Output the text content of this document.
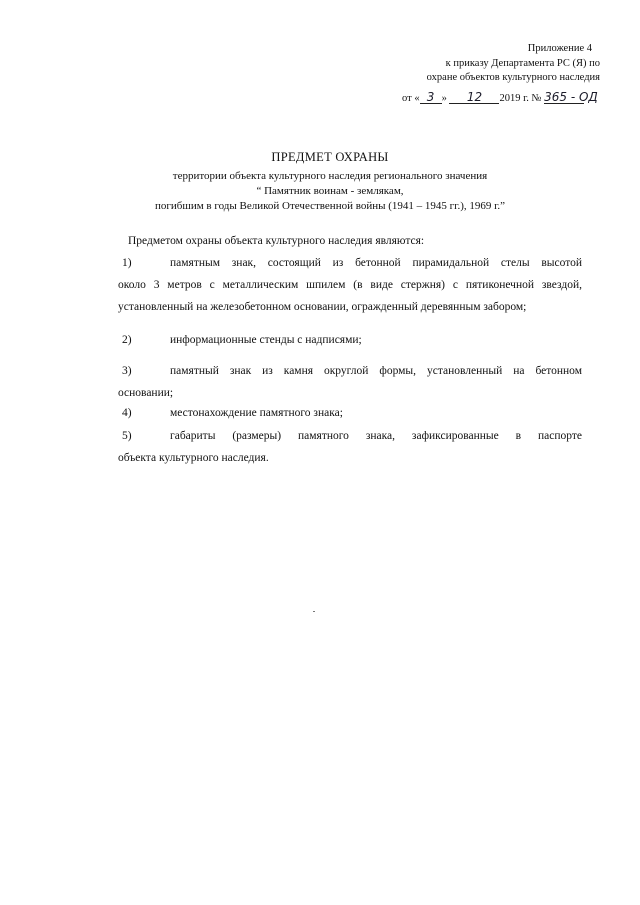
Приложение 4
к приказу Департамента РС (Я) по
охране объектов культурного наследия
от « 3 » 12 2019 г. № 365 - ОД
ПРЕДМЕТ ОХРАНЫ
территории объекта культурного наследия регионального значения
“ Памятник воинам - землякам,
погибшим в годы Великой Отечественной войны (1941 – 1945 гг.), 1969 г.”
Предметом охраны объекта культурного наследия являются:
1)	памятным знак, состоящий из бетонной пирамидальной стелы высотой
около 3 метров с металлическим шпилем (в виде стержня) с пятиконечной звездой,
установленный на железобетонном основании, огражденный деревянным забором;
2)	информационные стенды с надписями;
3)	памятный знак из камня округлой формы, установленный на бетонном
основании;
4)	местонахождение памятного знака;
5)	габариты (размеры) памятного знака, зафиксированные в паспорте
объекта культурного наследия.
